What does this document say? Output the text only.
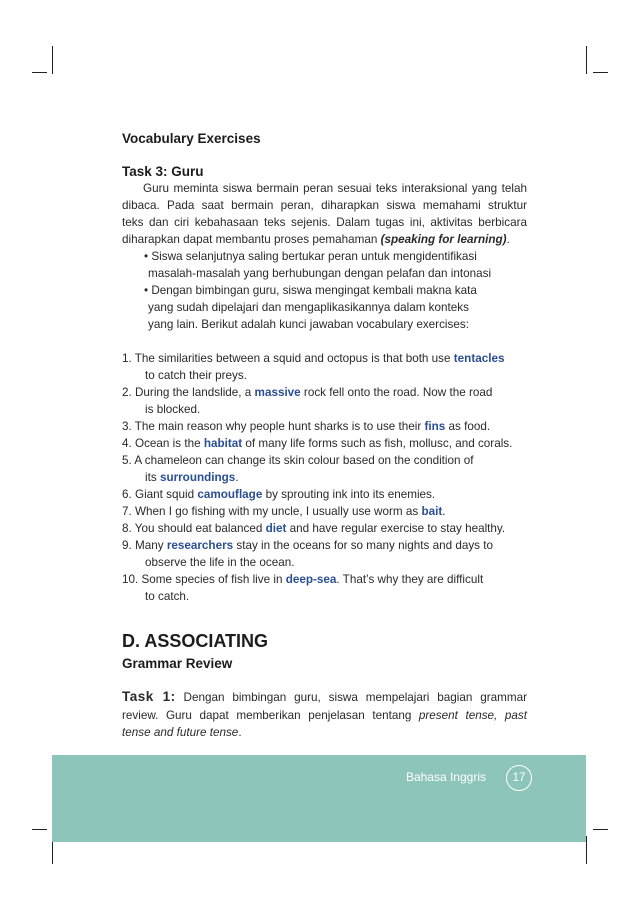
Vocabulary Exercises
Task 3: Guru
Guru meminta siswa bermain peran sesuai teks interaksional yang telah
dibaca. Pada saat bermain peran, diharapkan siswa memahami struktur
teks dan ciri kebahasaan teks sejenis. Dalam tugas ini, aktivitas berbicara
diharapkan dapat membantu proses pemahaman (speaking for learning).
• Siswa selanjutnya saling bertukar peran untuk mengidentifikasi
masalah-masalah yang berhubungan dengan pelafan dan intonasi
• Dengan bimbingan guru, siswa mengingat kembali makna kata
yang sudah dipelajari dan mengaplikasikannya dalam konteks
yang lain. Berikut adalah kunci jawaban vocabulary exercises:
1. The similarities between a squid and octopus is that both use tentacles
to catch their preys.
2. During the landslide, a massive rock fell onto the road. Now the road
is blocked.
3. The main reason why people hunt sharks is to use their fins as food.
4. Ocean is the habitat of many life forms such as fish, mollusc, and corals.
5. A chameleon can change its skin colour based on the condition of
its surroundings.
6. Giant squid camouflage by sprouting ink into its enemies.
7. When I go fishing with my uncle, I usually use worm as bait.
8. You should eat balanced diet and have regular exercise to stay healthy.
9. Many researchers stay in the oceans for so many nights and days to
observe the life in the ocean.
10. Some species of fish live in deep-sea. That’s why they are difficult
to catch.
D. ASSOCIATING
Grammar Review
Task 1: Dengan bimbingan guru, siswa mempelajari bagian grammar
review. Guru dapat memberikan penjelasan tentang present tense, past
tense and future tense.
Bahasa Inggris	17
